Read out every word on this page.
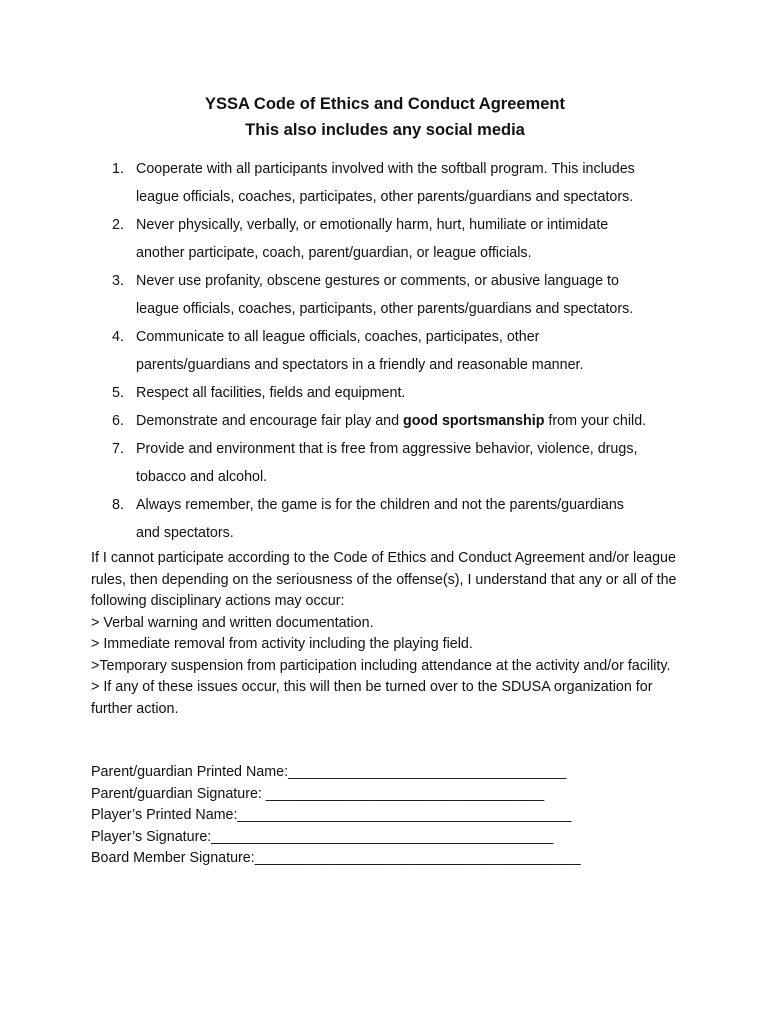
YSSA Code of Ethics and Conduct Agreement
This also includes any social media
1. Cooperate with all participants involved with the softball program. This includes
league officials, coaches, participates, other parents/guardians and spectators.
2. Never physically, verbally, or emotionally harm, hurt, humiliate or intimidate
another participate, coach, parent/guardian, or league officials.
3. Never use profanity, obscene gestures or comments, or abusive language to
league officials, coaches, participants, other parents/guardians and spectators.
4. Communicate to all league officials, coaches, participates, other
parents/guardians and spectators in a friendly and reasonable manner.
5. Respect all facilities, fields and equipment.
6. Demonstrate and encourage fair play and good sportsmanship from your child.
7. Provide and environment that is free from aggressive behavior, violence, drugs,
tobacco and alcohol.
8. Always remember, the game is for the children and not the parents/guardians
and spectators.

If I cannot participate according to the Code of Ethics and Conduct Agreement and/or league rules, then depending on the seriousness of the offense(s), I understand that any or all of the following disciplinary actions may occur:

> Verbal warning and written documentation.

> Immediate removal from activity including the playing field.

>Temporary suspension from participation including attendance at the activity and/or facility.

> If any of these issues occur, this will then be turned over to the SDUSA organization for further action.

Parent/guardian Printed Name:___________________________________
Parent/guardian Signature: ___________________________________
Player’s Printed Name:__________________________________________
Player’s Signature:___________________________________________
Board Member Signature:_________________________________________
